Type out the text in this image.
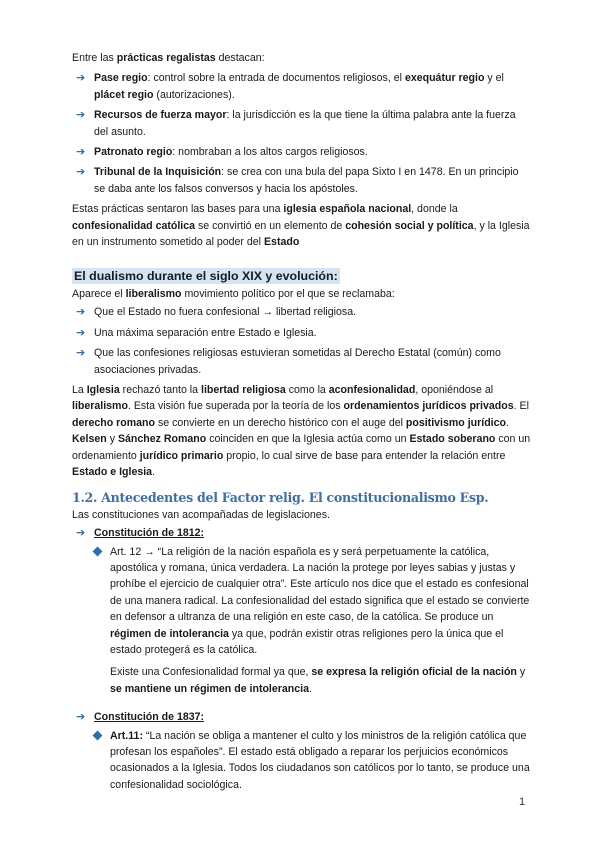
Entre las prácticas regalistas destacan:

➔ Pase regio: control sobre la entrada de documentos religiosos, el exequátur regio y el plácet regio (autorizaciones).
➔ Recursos de fuerza mayor: la jurisdicción es la que tiene la última palabra ante la fuerza del asunto.
➔ Patronato regio: nombraban a los altos cargos religiosos.
➔ Tribunal de la Inquisición: se crea con una bula del papa Sixto I en 1478. En un principio se daba ante los falsos conversos y hacia los apóstoles.

Estas prácticas sentaron las bases para una iglesia española nacional, donde la confesionalidad católica se convirtió en un elemento de cohesión social y política, y la Iglesia en un instrumento sometido al poder del Estado

El dualismo durante el siglo XIX y evolución:

Aparece el liberalismo movimiento político por el que se reclamaba:

➔ Que el Estado no fuera confesional → libertad religiosa.
➔ Una máxima separación entre Estado e Iglesia.
➔ Que las confesiones religiosas estuvieran sometidas al Derecho Estatal (común) como asociaciones privadas.

La Iglesia rechazó tanto la libertad religiosa como la aconfesionalidad, oponiéndose al liberalismo. Esta visión fue superada por la teoría de los ordenamientos jurídicos privados. El derecho romano se convierte en un derecho histórico con el auge del positivismo jurídico. Kelsen y Sánchez Romano coinciden en que la Iglesia actúa como un Estado soberano con un ordenamiento jurídico primario propio, lo cual sirve de base para entender la relación entre Estado e Iglesia.

1.2. Antecedentes del Factor relig. El constitucionalismo Esp.

Las constituciones van acompañadas de legislaciones.

➔ Constitución de 1812:

Art. 12 → “La religión de la nación española es y será perpetuamente la católica, apostólica y romana, única verdadera. La nación la protege por leyes sabias y justas y prohíbe el ejercicio de cualquier otra”. Este artículo nos dice que el estado es confesional de una manera radical. La confesionalidad del estado significa que el estado se convierte en defensor a ultranza de una religión en este caso, de la católica. Se produce un régimen de intolerancia ya que, podrán existir otras religiones pero la única que el estado protegerá es la católica.

Existe una Confesionalidad formal ya que, se expresa la religión oficial de la nación y se mantiene un régimen de intolerancia.

➔ Constitución de 1837:

Art.11: “La nación se obliga a mantener el culto y los ministros de la religión católica que profesan los españoles”. El estado está obligado a reparar los perjuicios económicos ocasionados a la Iglesia. Todos los ciudadanos son católicos por lo tanto, se produce una confesionalidad sociológica.

1
